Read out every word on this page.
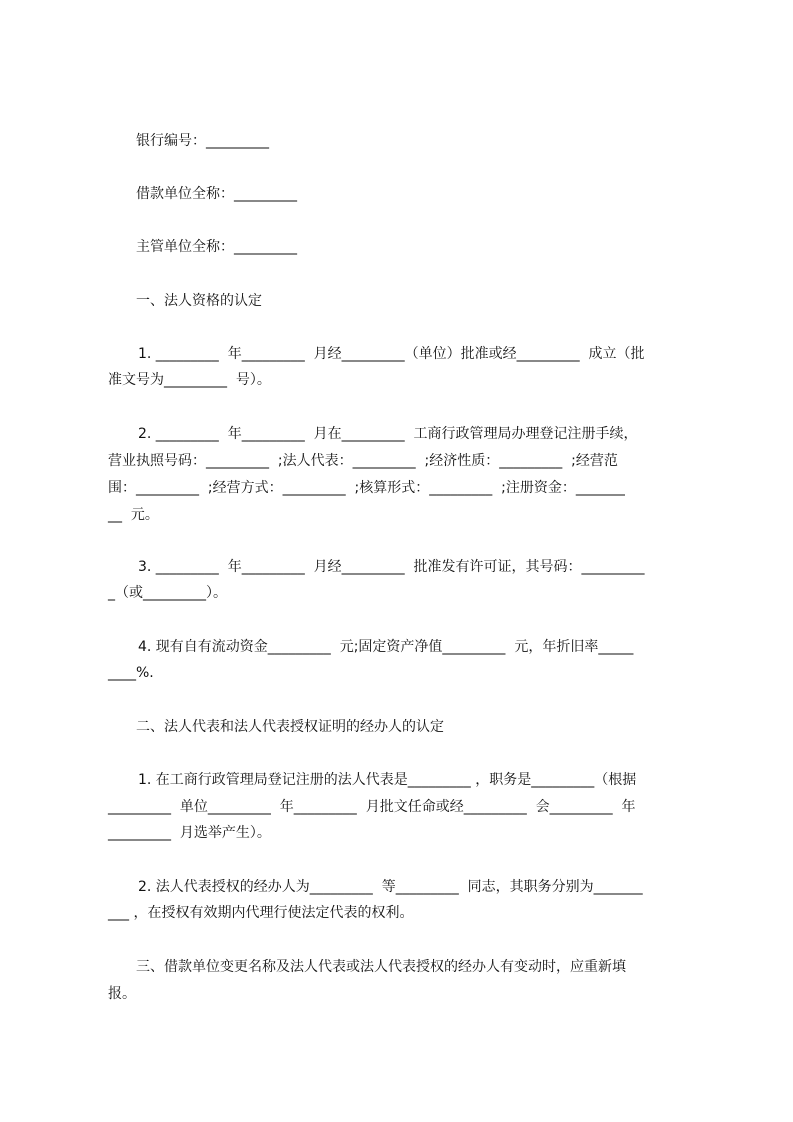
银行编号：_________
借款单位全称：_________
主管单位全称：_________
一、法人资格的认定
1. _________  年_________  月经_________（单位）批准或经_________  成立（批
准文号为_________  号）。
2. _________  年_________  月在_________  工商行政管理局办理登记注册手续，
营业执照号码：_________  ;法人代表：_________  ;经济性质：_________  ;经营范
围：_________  ;经营方式：_________  ;核算形式：_________  ;注册资金：_______
__  元。
3. _________  年_________  月经_________  批准发有许可证，其号码：_________
_（或_________）。
4. 现有自有流动资金_________  元;固定资产净值_________  元，年折旧率_____
____%.
二、法人代表和法人代表授权证明的经办人的认定
1. 在工商行政管理局登记注册的法人代表是_________ ，职务是_________（根据
_________  单位_________  年_________  月批文任命或经_________  会_________  年
_________  月选举产生）。
2. 法人代表授权的经办人为_________  等_________  同志，其职务分别为_______
___ ，在授权有效期内代理行使法定代表的权利。
三、借款单位变更名称及法人代表或法人代表授权的经办人有变动时，应重新填
报。
